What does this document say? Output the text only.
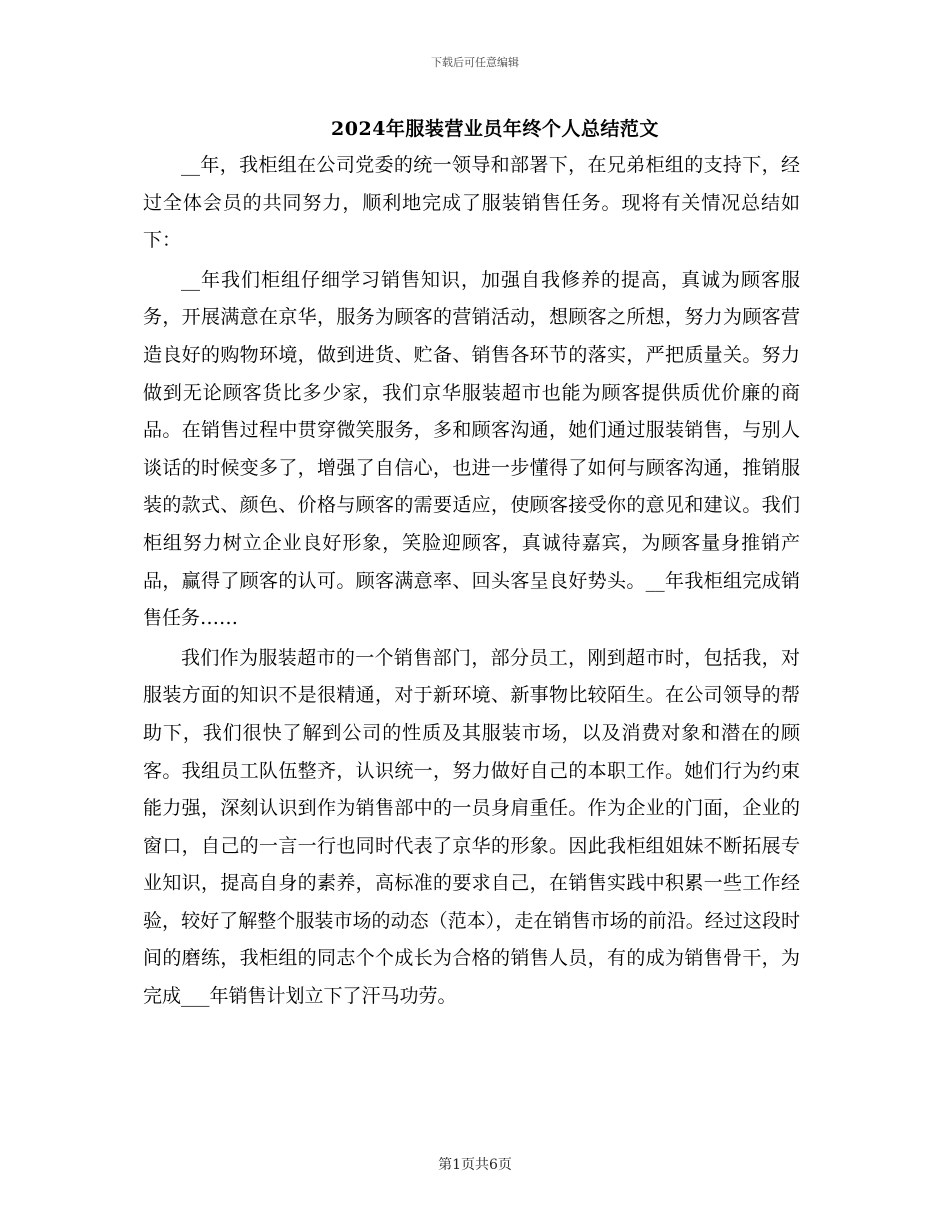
下载后可任意编辑
2024年服装营业员年终个人总结范文

__年，我柜组在公司党委的统一领导和部署下，在兄弟柜组的支持下，经过全体会员的共同努力，顺利地完成了服装销售任务。现将有关情况总结如下：

__年我们柜组仔细学习销售知识，加强自我修养的提高，真诚为顾客服务，开展满意在京华，服务为顾客的营销活动，想顾客之所想，努力为顾客营造良好的购物环境，做到进货、贮备、销售各环节的落实，严把质量关。努力做到无论顾客货比多少家，我们京华服装超市也能为顾客提供质优价廉的商品。在销售过程中贯穿微笑服务，多和顾客沟通，她们通过服装销售，与别人谈话的时候变多了，增强了自信心，也进一步懂得了如何与顾客沟通，推销服装的款式、颜色、价格与顾客的需要适应，使顾客接受你的意见和建议。我们柜组努力树立企业良好形象，笑脸迎顾客，真诚待嘉宾，为顾客量身推销产品，赢得了顾客的认可。顾客满意率、回头客呈良好势头。__年我柜组完成销售任务……

我们作为服装超市的一个销售部门，部分员工，刚到超市时，包括我，对服装方面的知识不是很精通，对于新环境、新事物比较陌生。在公司领导的帮助下，我们很快了解到公司的性质及其服装市场，以及消费对象和潜在的顾客。我组员工队伍整齐，认识统一，努力做好自己的本职工作。她们行为约束能力强，深刻认识到作为销售部中的一员身肩重任。作为企业的门面，企业的窗口，自己的一言一行也同时代表了京华的形象。因此我柜组姐妹不断拓展专业知识，提高自身的素养，高标准的要求自己，在销售实践中积累一些工作经验，较好了解整个服装市场的动态（范本），走在销售市场的前沿。经过这段时间的磨练，我柜组的同志个个成长为合格的销售人员，有的成为销售骨干，为完成___年销售计划立下了汗马功劳。

第1页共6页
